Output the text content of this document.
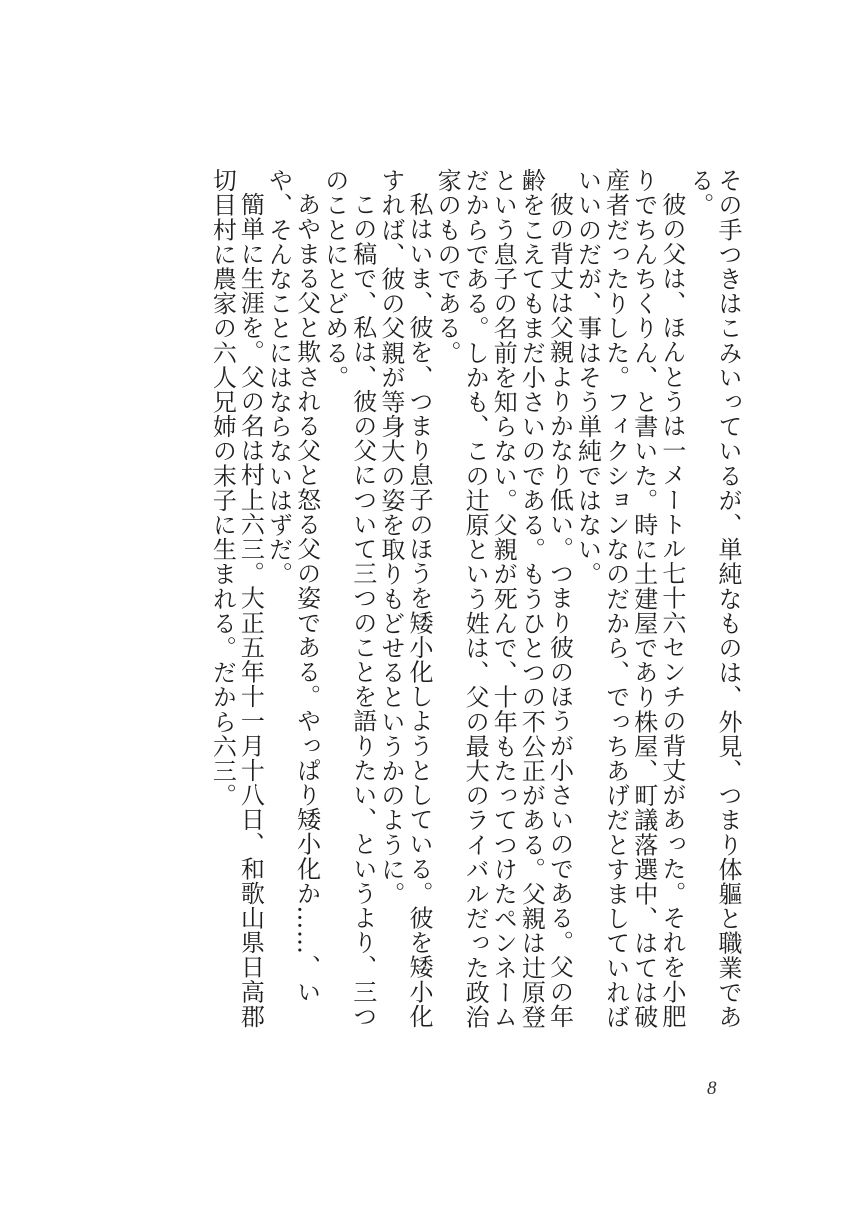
その手つきはこみいっているが、単純なものは、外見、つまり体軀と職業である。

彼の父は、ほんとうは一メートル七十六センチの背丈があった。それを小肥りでちんちくりん、と書いた。時に土建屋であり株屋、町議落選中、はては破産者だったりした。フィクションなのだから、でっちあげだとすましていればいいのだが、事はそう単純ではない。

彼の背丈は父親よりかなり低い。つまり彼のほうが小さいのである。父の年齢をこえてもまだ小さいのである。もうひとつの不公正がある。父親は辻原登という息子の名前を知らない。父親が死んで、十年もたってつけたペンネームだからである。しかも、この辻原という姓は、父の最大のライバルだった政治家のものである。

私はいま、彼を、つまり息子のほうを矮小化しようとしている。彼を矮小化すれば、彼の父親が等身大の姿を取りもどせるというかのように。

この稿で、私は、彼の父について三つのことを語りたい、というより、三つのことにとどめる。

あやまる父と欺される父と怒る父の姿である。やっぱり矮小化か……、いや、そんなことにはならないはずだ。

簡単に生涯を。父の名は村上六三。大正五年十一月十八日、和歌山県日高郡切目村に農家の六人兄姉の末子に生まれる。だから六三。

8
